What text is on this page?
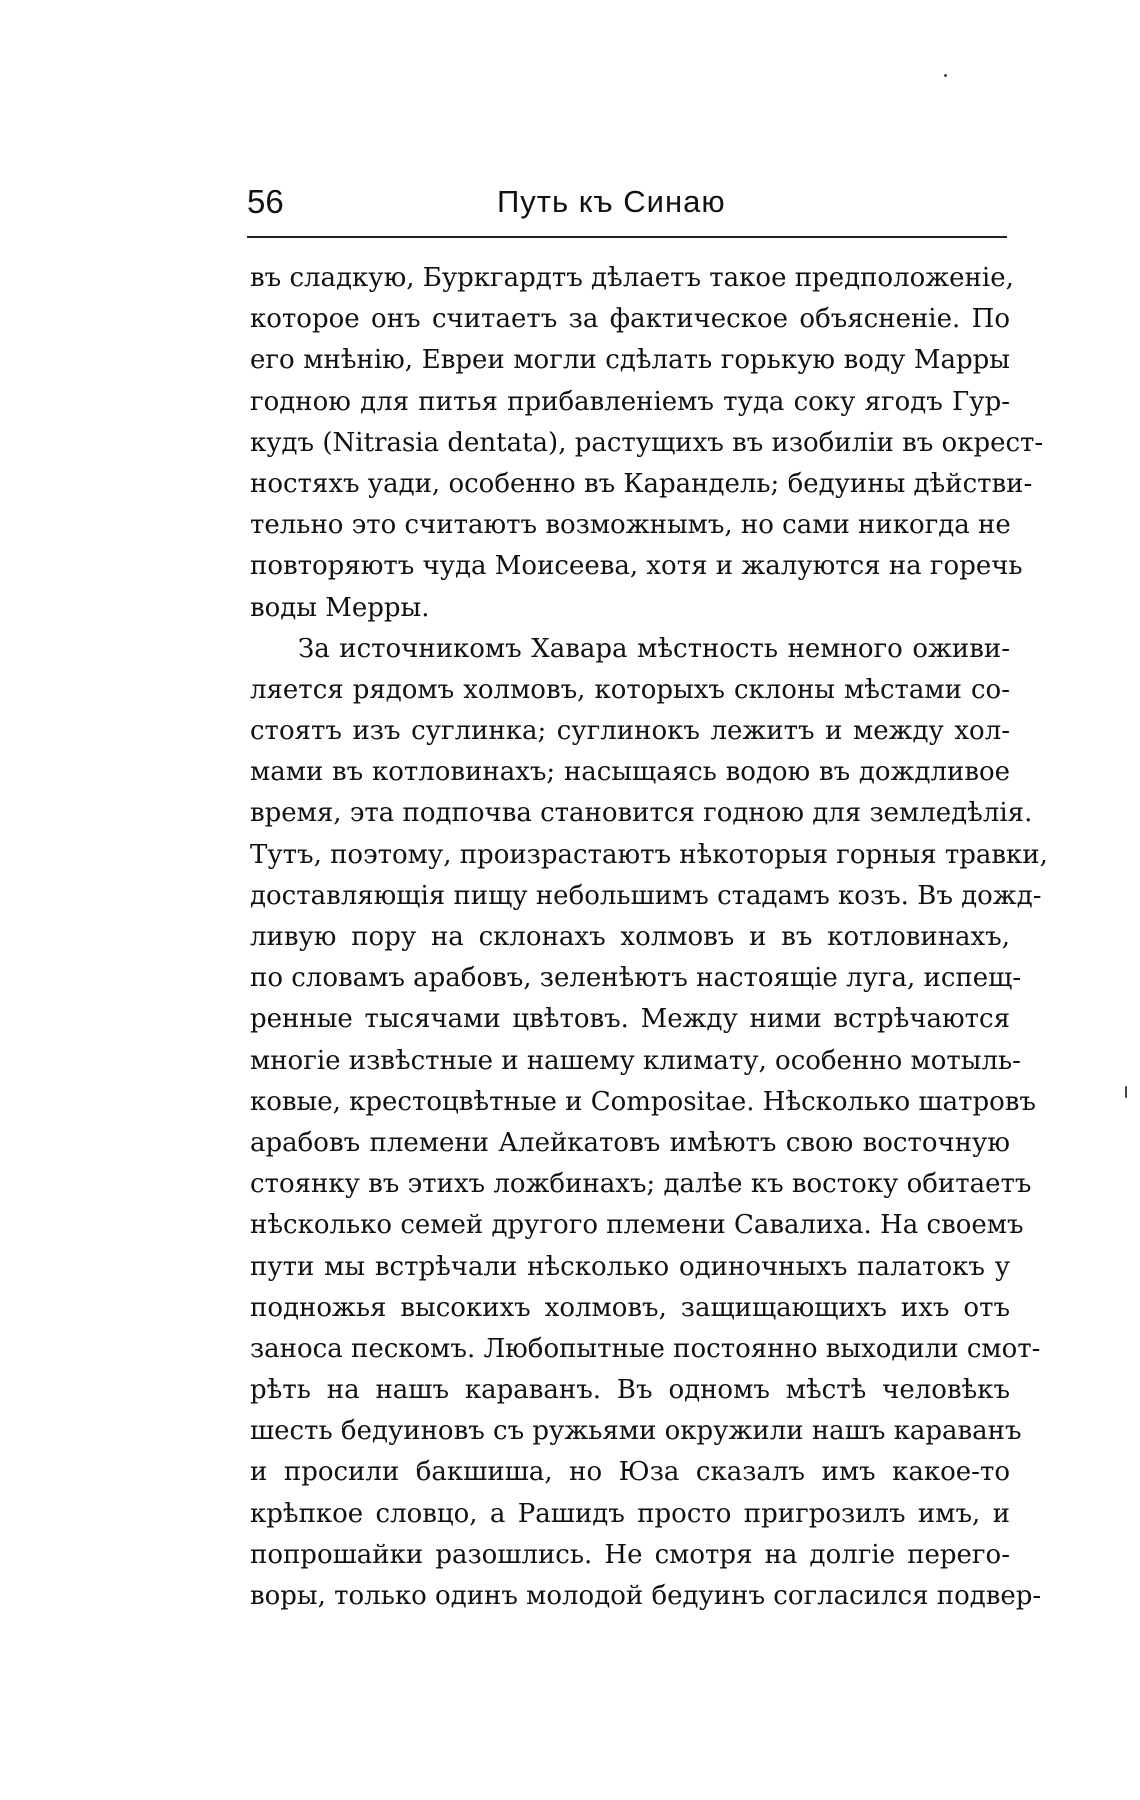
56	Путь къ Синаю
въ сладкую, Буркгардтъ дѣлаетъ такое предположеніе,
которое онъ считаетъ за фактическое объясненіе. По
его мнѣнію, Евреи могли сдѣлать горькую воду Марры
годною для питья прибавленіемъ туда соку ягодъ Гур-
кудъ (Nitrasia dentata), растущихъ въ изобиліи въ окрест-
ностяхъ уади, особенно въ Карандель; бедуины дѣйстви-
тельно это считаютъ возможнымъ, но сами никогда не
повторяютъ чуда Моисеева, хотя и жалуются на горечь
воды Мерры.
За источникомъ Хавара мѣстность немного оживи-
ляется рядомъ холмовъ, которыхъ склоны мѣстами со-
стоятъ изъ суглинка; суглинокъ лежитъ и между хол-
мами въ котловинахъ; насыщаясь водою въ дождливое
время, эта подпочва становится годною для земледѣлія.
Тутъ, поэтому, произрастаютъ нѣкоторыя горныя травки,
доставляющія пищу небольшимъ стадамъ козъ. Въ дожд-
ливую пору на склонахъ холмовъ и въ котловинахъ,
по словамъ арабовъ, зеленѣютъ настоящіе луга, испещ-
ренные тысячами цвѣтовъ. Между ними встрѣчаются
многіе извѣстные и нашему климату, особенно мотыль-
ковые, крестоцвѣтные и Compositae. Нѣсколько шатровъ
арабовъ племени Алейкатовъ имѣютъ свою восточную
стоянку въ этихъ ложбинахъ; далѣе къ востоку обитаетъ
нѣсколько семей другого племени Савалиха. На своемъ
пути мы встрѣчали нѣсколько одиночныхъ палатокъ у
подножья высокихъ холмовъ, защищающихъ ихъ отъ
заноса пескомъ. Любопытные постоянно выходили смот-
рѣть на нашъ караванъ. Въ одномъ мѣстѣ человѣкъ
шесть бедуиновъ съ ружьями окружили нашъ караванъ
и просили бакшиша, но Юза сказалъ имъ какое-то
крѣпкое словцо, а Рашидъ просто пригрозилъ имъ, и
попрошайки разошлись. Не смотря на долгіе перего-
воры, только одинъ молодой бедуинъ согласился подвер-
